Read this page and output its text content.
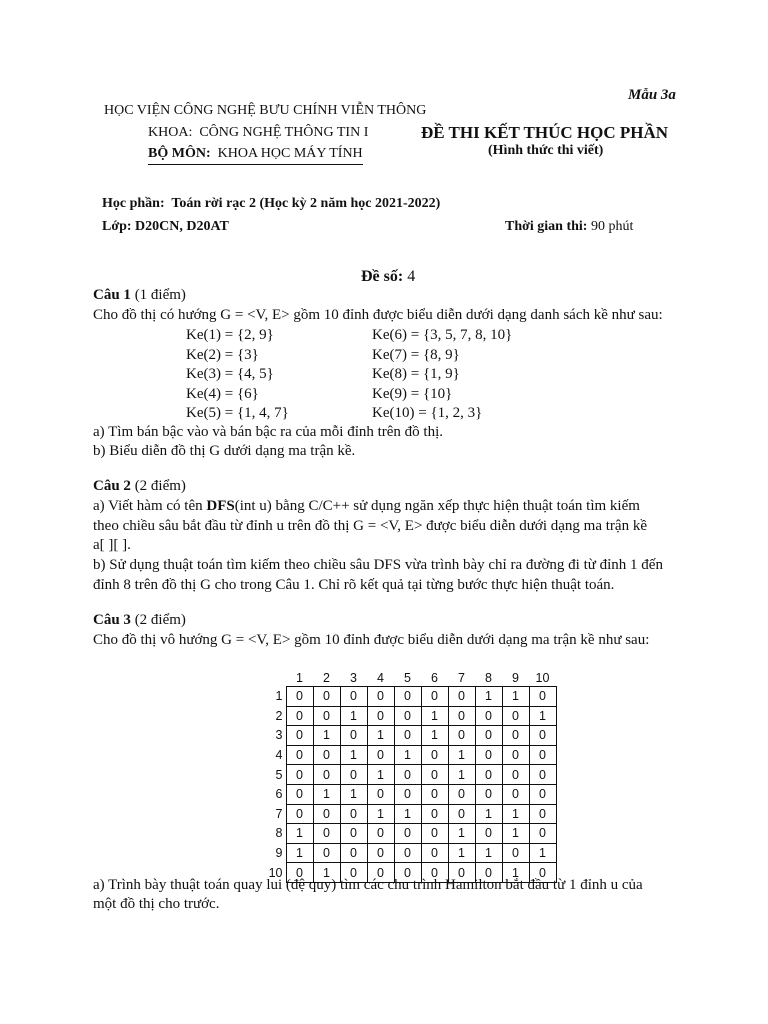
Mẫu 3a
HỌC VIỆN CÔNG NGHỆ BƯU CHÍNH VIỄN THÔNG
KHOA: CÔNG NGHỆ THÔNG TIN I
BỘ MÔN: KHOA HỌC MÁY TÍNH
ĐỀ THI KẾT THÚC HỌC PHẦN
(Hình thức thi viết)
Học phần: Toán rời rạc 2 (Học kỳ 2 năm học 2021-2022)
Lớp: D20CN, D20AT	Thời gian thi: 90 phút
Đề số: 4
Câu 1 (1 điểm)
Cho đồ thị có hướng G = <V, E> gồm 10 đỉnh được biểu diễn dưới dạng danh sách kề như sau:
Ke(1) = {2, 9}
Ke(2) = {3}
Ke(3) = {4, 5}
Ke(4) = {6}
Ke(5) = {1, 4, 7}
Ke(6) = {3, 5, 7, 8, 10}
Ke(7) = {8, 9}
Ke(8) = {1, 9}
Ke(9) = {10}
Ke(10) = {1, 2, 3}
a) Tìm bán bậc vào và bán bậc ra của mỗi đỉnh trên đồ thị.
b) Biểu diễn đồ thị G dưới dạng ma trận kề.
Câu 2 (2 điểm)
a) Viết hàm có tên DFS(int u) bằng C/C++ sử dụng ngăn xếp thực hiện thuật toán tìm kiếm
theo chiều sâu bắt đầu từ đỉnh u trên đồ thị G = <V, E> được biểu diễn dưới dạng ma trận kề
a[ ][ ].
b) Sử dụng thuật toán tìm kiếm theo chiều sâu DFS vừa trình bày chỉ ra đường đi từ đỉnh 1 đến
đỉnh 8 trên đồ thị G cho trong Câu 1. Chỉ rõ kết quả tại từng bước thực hiện thuật toán.
Câu 3 (2 điểm)
Cho đồ thị vô hướng G = <V, E> gồm 10 đỉnh được biểu diễn dưới dạng ma trận kề như sau:
	1	2	3	4	5	6	7	8	9	10
1	0	0	0	0	0	0	0	1	1	0
2	0	0	1	0	0	1	0	0	0	1
3	0	1	0	1	0	1	0	0	0	0
4	0	0	1	0	1	0	1	0	0	0
5	0	0	0	1	0	0	1	0	0	0
6	0	1	1	0	0	0	0	0	0	0
7	0	0	0	1	1	0	0	1	1	0
8	1	0	0	0	0	0	1	0	1	0
9	1	0	0	0	0	0	1	1	0	1
10	0	1	0	0	0	0	0	0	1	0
a) Trình bày thuật toán quay lui (đệ quy) tìm các chu trình Hamilton bắt đầu từ 1 đỉnh u của
một đồ thị cho trước.
